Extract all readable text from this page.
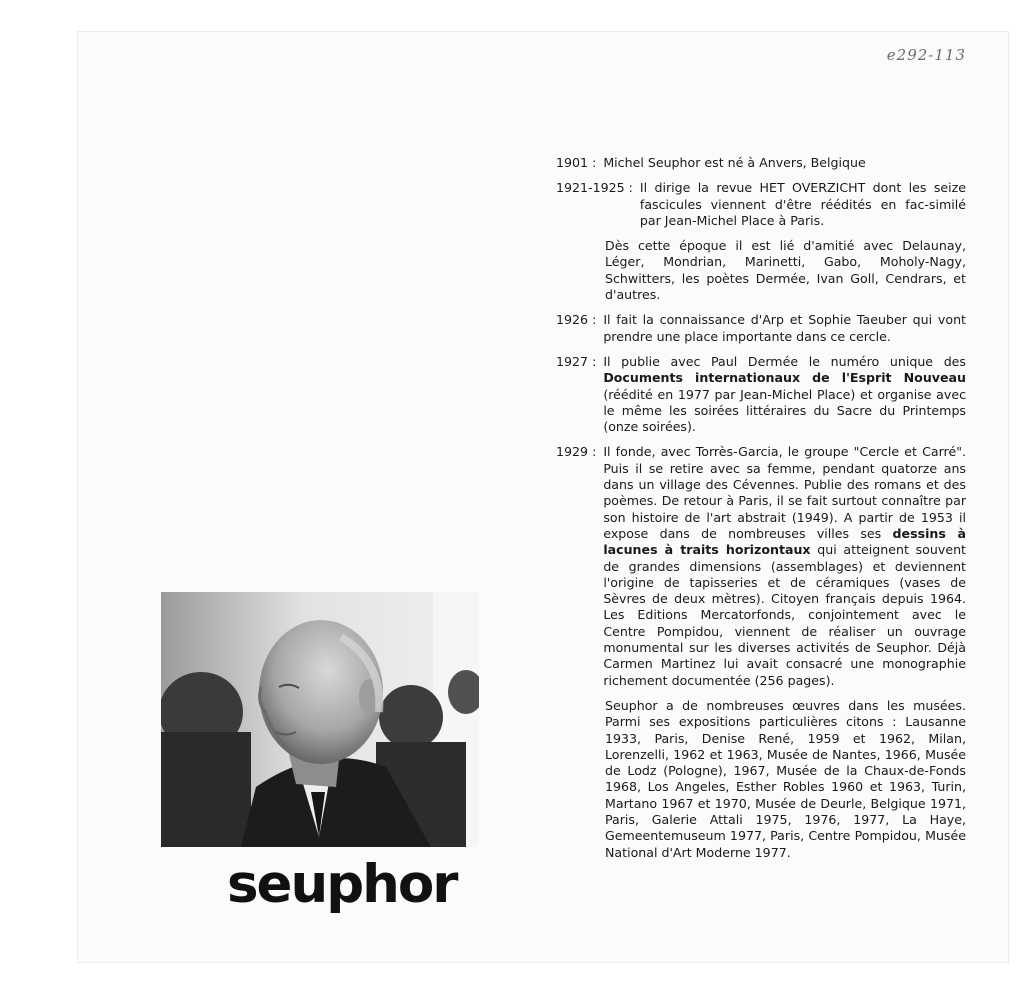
e292-113
1901 :	Michel Seuphor est né à Anvers, Belgique
1921-1925 :	Il dirige la revue HET OVERZICHT dont les seize fascicules viennent d'être réédités en fac-similé par Jean-Michel Place à Paris.
Dès cette époque il est lié d'amitié avec Delaunay, Léger, Mondrian, Marinetti, Gabo, Moholy-Nagy, Schwitters, les poètes Dermée, Ivan Goll, Cendrars, et d'autres.
1926 :	Il fait la connaissance d'Arp et Sophie Taeuber qui vont prendre une place importante dans ce cercle.
1927 :	Il publie avec Paul Dermée le numéro unique des Documents internationaux de l'Esprit Nouveau (réédité en 1977 par Jean-Michel Place) et organise avec le même les soirées littéraires du Sacre du Printemps (onze soirées).
1929 :	Il fonde, avec Torrès-Garcia, le groupe "Cercle et Carré". Puis il se retire avec sa femme, pendant quatorze ans dans un village des Cévennes. Publie des romans et des poèmes. De retour à Paris, il se fait surtout connaître par son histoire de l'art abstrait (1949). A partir de 1953 il expose dans de nombreuses villes ses dessins à lacunes à traits horizontaux qui atteignent souvent de grandes dimensions (assemblages) et deviennent l'origine de tapisseries et de céramiques (vases de Sèvres de deux mètres). Citoyen français depuis 1964. Les Editions Mercatorfonds, conjointement avec le Centre Pompidou, viennent de réaliser un ouvrage monumental sur les diverses activités de Seuphor. Déjà Carmen Martinez lui avait consacré une monographie richement documentée (256 pages).
Seuphor a de nombreuses œuvres dans les musées. Parmi ses expositions particulières citons : Lausanne 1933, Paris, Denise René, 1959 et 1962, Milan, Lorenzelli, 1962 et 1963, Musée de Nantes, 1966, Musée de Lodz (Pologne), 1967, Musée de la Chaux-de-Fonds 1968, Los Angeles, Esther Robles 1960 et 1963, Turin, Martano 1967 et 1970, Musée de Deurle, Belgique 1971, Paris, Galerie Attali 1975, 1976, 1977, La Haye, Gemeentemuseum 1977, Paris, Centre Pompidou, Musée National d'Art Moderne 1977.
seuphor
